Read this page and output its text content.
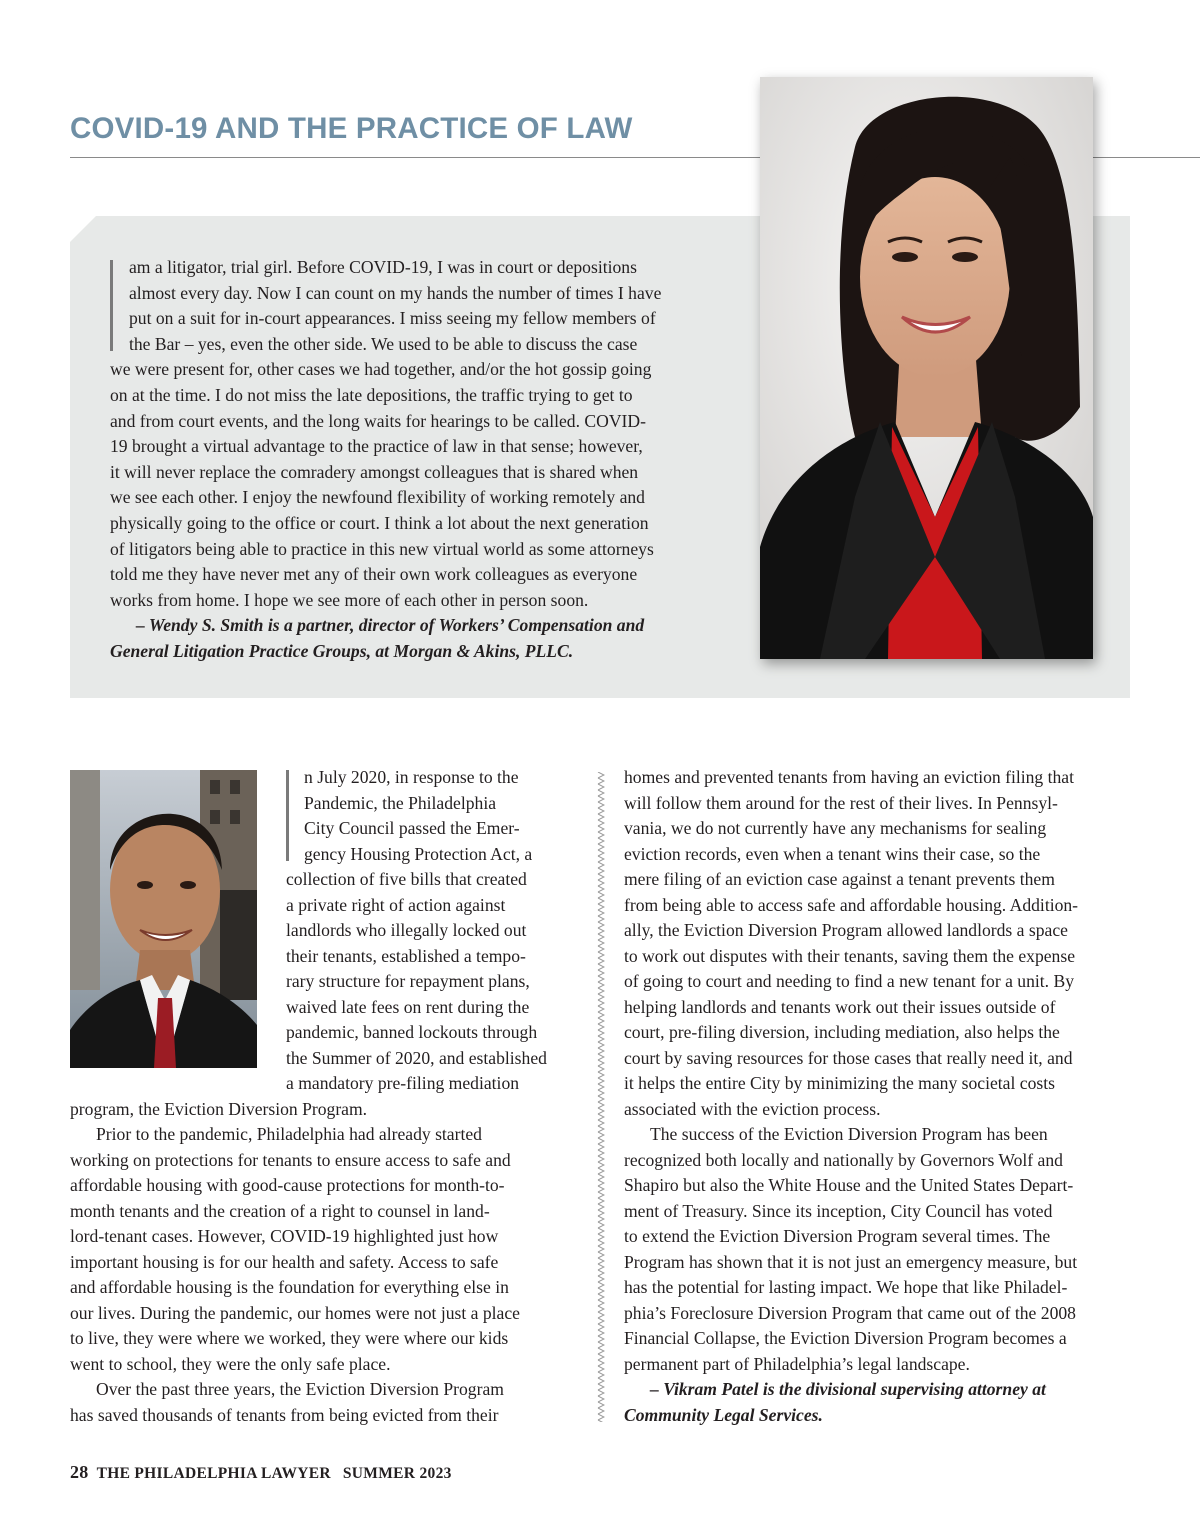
COVID-19 AND THE PRACTICE OF LAW
am a litigator, trial girl. Before COVID-19, I was in court or depositions
almost every day. Now I can count on my hands the number of times I have
put on a suit for in-court appearances. I miss seeing my fellow members of
the Bar – yes, even the other side. We used to be able to discuss the case
we were present for, other cases we had together, and/or the hot gossip going
on at the time. I do not miss the late depositions, the traffic trying to get to
and from court events, and the long waits for hearings to be called. COVID-
19 brought a virtual advantage to the practice of law in that sense; however,
it will never replace the comradery amongst colleagues that is shared when
we see each other. I enjoy the newfound flexibility of working remotely and
physically going to the office or court. I think a lot about the next generation
of litigators being able to practice in this new virtual world as some attorneys
told me they have never met any of their own work colleagues as everyone
works from home. I hope we see more of each other in person soon.
– Wendy S. Smith is a partner, director of Workers’ Compensation and
General Litigation Practice Groups, at Morgan & Akins, PLLC.
n July 2020, in response to the
Pandemic, the Philadelphia
City Council passed the Emer-
gency Housing Protection Act, a
collection of five bills that created
a private right of action against
landlords who illegally locked out
their tenants, established a tempo-
rary structure for repayment plans,
waived late fees on rent during the
pandemic, banned lockouts through
the Summer of 2020, and established
a mandatory pre-filing mediation
program, the Eviction Diversion Program.
Prior to the pandemic, Philadelphia had already started
working on protections for tenants to ensure access to safe and
affordable housing with good-cause protections for month-to-
month tenants and the creation of a right to counsel in land-
lord-tenant cases. However, COVID-19 highlighted just how
important housing is for our health and safety. Access to safe
and affordable housing is the foundation for everything else in
our lives. During the pandemic, our homes were not just a place
to live, they were where we worked, they were where our kids
went to school, they were the only safe place.
Over the past three years, the Eviction Diversion Program
has saved thousands of tenants from being evicted from their
homes and prevented tenants from having an eviction filing that
will follow them around for the rest of their lives. In Pennsyl-
vania, we do not currently have any mechanisms for sealing
eviction records, even when a tenant wins their case, so the
mere filing of an eviction case against a tenant prevents them
from being able to access safe and affordable housing. Addition-
ally, the Eviction Diversion Program allowed landlords a space
to work out disputes with their tenants, saving them the expense
of going to court and needing to find a new tenant for a unit. By
helping landlords and tenants work out their issues outside of
court, pre-filing diversion, including mediation, also helps the
court by saving resources for those cases that really need it, and
it helps the entire City by minimizing the many societal costs
associated with the eviction process.
The success of the Eviction Diversion Program has been
recognized both locally and nationally by Governors Wolf and
Shapiro but also the White House and the United States Depart-
ment of Treasury. Since its inception, City Council has voted
to extend the Eviction Diversion Program several times. The
Program has shown that it is not just an emergency measure, but
has the potential for lasting impact. We hope that like Philadel-
phia’s Foreclosure Diversion Program that came out of the 2008
Financial Collapse, the Eviction Diversion Program becomes a
permanent part of Philadelphia’s legal landscape.
– Vikram Patel is the divisional supervising attorney at
Community Legal Services.
28 THE PHILADELPHIA LAWYER SUMMER 2023
